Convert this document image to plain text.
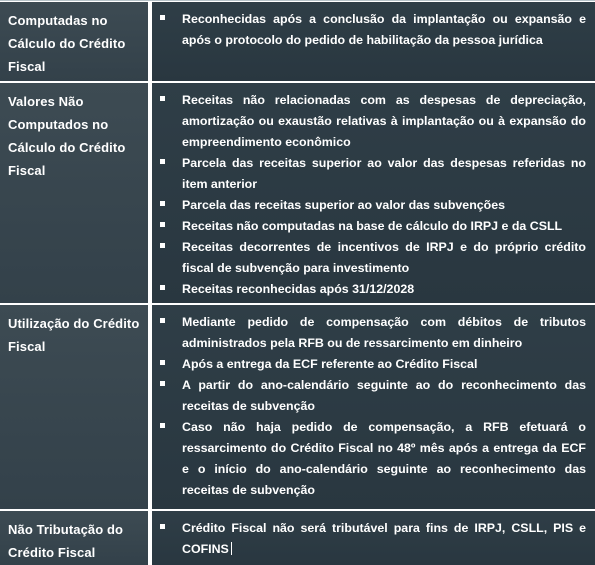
Computadas no Cálculo do Crédito Fiscal
Reconhecidas após a conclusão da implantação ou expansão e após o protocolo do pedido de habilitação da pessoa jurídica
Valores Não Computados no Cálculo do Crédito Fiscal
Receitas não relacionadas com as despesas de depreciação, amortização ou exaustão relativas à implantação ou à expansão do empreendimento econômico
Parcela das receitas superior ao valor das despesas referidas no item anterior
Parcela das receitas superior ao valor das subvenções
Receitas não computadas na base de cálculo do IRPJ e da CSLL
Receitas decorrentes de incentivos de IRPJ e do próprio crédito fiscal de subvenção para investimento
Receitas reconhecidas após 31/12/2028
Utilização do Crédito Fiscal
Mediante pedido de compensação com débitos de tributos administrados pela RFB ou de ressarcimento em dinheiro
Após a entrega da ECF referente ao Crédito Fiscal
A partir do ano-calendário seguinte ao do reconhecimento das receitas de subvenção
Caso não haja pedido de compensação, a RFB efetuará o ressarcimento do Crédito Fiscal no 48º mês após a entrega da ECF e o início do ano-calendário seguinte ao reconhecimento das receitas de subvenção
Não Tributação do Crédito Fiscal
Crédito Fiscal não será tributável para fins de IRPJ, CSLL, PIS e COFINS
